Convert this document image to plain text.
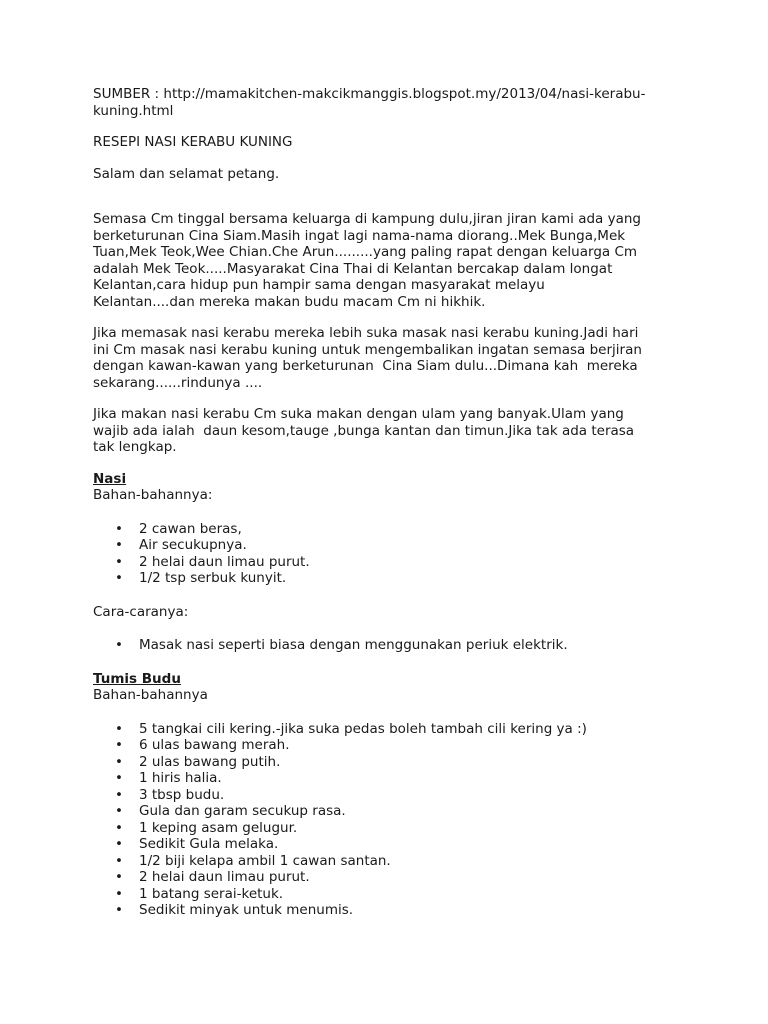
SUMBER : http://mamakitchen-makcikmanggis.blogspot.my/2013/04/nasi-kerabu-
kuning.html
RESEPI NASI KERABU KUNING
Salam dan selamat petang.
Semasa Cm tinggal bersama keluarga di kampung dulu,jiran jiran kami ada yang
berketurunan Cina Siam.Masih ingat lagi nama-nama diorang..Mek Bunga,Mek
Tuan,Mek Teok,Wee Chian.Che Arun.........yang paling rapat dengan keluarga Cm
adalah Mek Teok.....Masyarakat Cina Thai di Kelantan bercakap dalam longat
Kelantan,cara hidup pun hampir sama dengan masyarakat melayu
Kelantan....dan mereka makan budu macam Cm ni hikhik.
Jika memasak nasi kerabu mereka lebih suka masak nasi kerabu kuning.Jadi hari
ini Cm masak nasi kerabu kuning untuk mengembalikan ingatan semasa berjiran
dengan kawan-kawan yang berketurunan  Cina Siam dulu...Dimana kah  mereka
sekarang......rindunya ....
Jika makan nasi kerabu Cm suka makan dengan ulam yang banyak.Ulam yang
wajib ada ialah  daun kesom,tauge ,bunga kantan dan timun.Jika tak ada terasa
tak lengkap.
Nasi
Bahan-bahannya:
• 2 cawan beras,
• Air secukupnya.
• 2 helai daun limau purut.
• 1/2 tsp serbuk kunyit.
Cara-caranya:
• Masak nasi seperti biasa dengan menggunakan periuk elektrik.
Tumis Budu
Bahan-bahannya
• 5 tangkai cili kering.-jika suka pedas boleh tambah cili kering ya :)
• 6 ulas bawang merah.
• 2 ulas bawang putih.
• 1 hiris halia.
• 3 tbsp budu.
• Gula dan garam secukup rasa.
• 1 keping asam gelugur.
• Sedikit Gula melaka.
• 1/2 biji kelapa ambil 1 cawan santan.
• 2 helai daun limau purut.
• 1 batang serai-ketuk.
• Sedikit minyak untuk menumis.
